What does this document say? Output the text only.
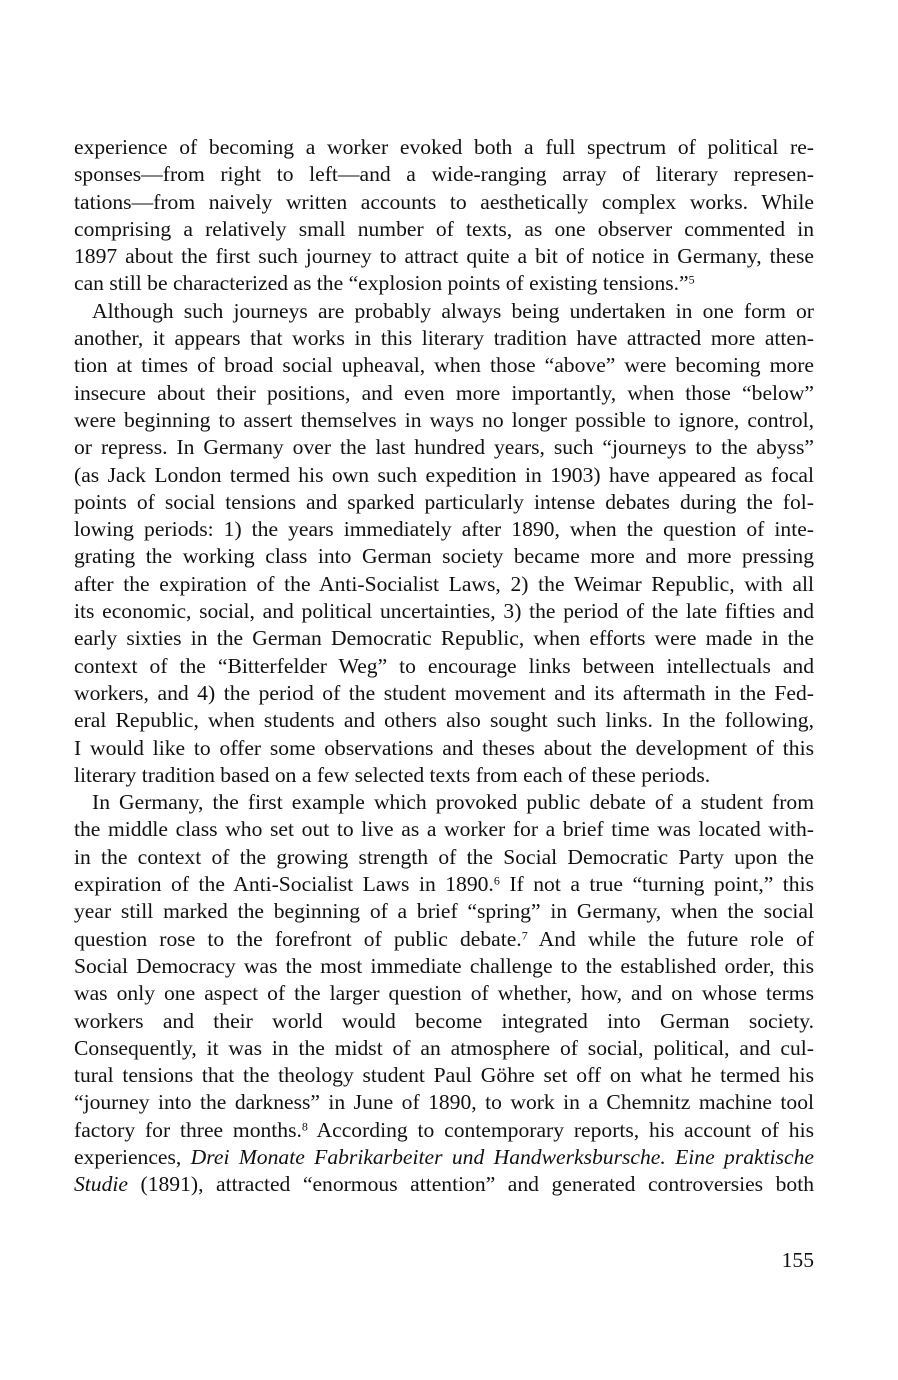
experience of becoming a worker evoked both a full spectrum of political re-
sponses—from right to left—and a wide-ranging array of literary represen-
tations—from naively written accounts to aesthetically complex works. While
comprising a relatively small number of texts, as one observer commented in
1897 about the first such journey to attract quite a bit of notice in Germany, these
can still be characterized as the “explosion points of existing tensions.”$^5$
Although such journeys are probably always being undertaken in one form or
another, it appears that works in this literary tradition have attracted more atten-
tion at times of broad social upheaval, when those “above” were becoming more
insecure about their positions, and even more importantly, when those “below”
were beginning to assert themselves in ways no longer possible to ignore, control,
or repress. In Germany over the last hundred years, such “journeys to the abyss”
(as Jack London termed his own such expedition in 1903) have appeared as focal
points of social tensions and sparked particularly intense debates during the fol-
lowing periods: 1) the years immediately after 1890, when the question of inte-
grating the working class into German society became more and more pressing
after the expiration of the Anti-Socialist Laws, 2) the Weimar Republic, with all
its economic, social, and political uncertainties, 3) the period of the late fifties and
early sixties in the German Democratic Republic, when efforts were made in the
context of the “Bitterfelder Weg” to encourage links between intellectuals and
workers, and 4) the period of the student movement and its aftermath in the Fed-
eral Republic, when students and others also sought such links. In the following,
I would like to offer some observations and theses about the development of this
literary tradition based on a few selected texts from each of these periods.
In Germany, the first example which provoked public debate of a student from
the middle class who set out to live as a worker for a brief time was located with-
in the context of the growing strength of the Social Democratic Party upon the
expiration of the Anti-Socialist Laws in 1890.$^6$ If not a true “turning point,” this
year still marked the beginning of a brief “spring” in Germany, when the social
question rose to the forefront of public debate.$^7$ And while the future role of
Social Democracy was the most immediate challenge to the established order, this
was only one aspect of the larger question of whether, how, and on whose terms
workers and their world would become integrated into German society.
Consequently, it was in the midst of an atmosphere of social, political, and cul-
tural tensions that the theology student Paul Göhre set off on what he termed his
“journey into the darkness” in June of 1890, to work in a Chemnitz machine tool
factory for three months.$^8$ According to contemporary reports, his account of his
experiences, Drei Monate Fabrikarbeiter und Handwerksbursche. Eine praktische
Studie (1891), attracted “enormous attention” and generated controversies both
155
